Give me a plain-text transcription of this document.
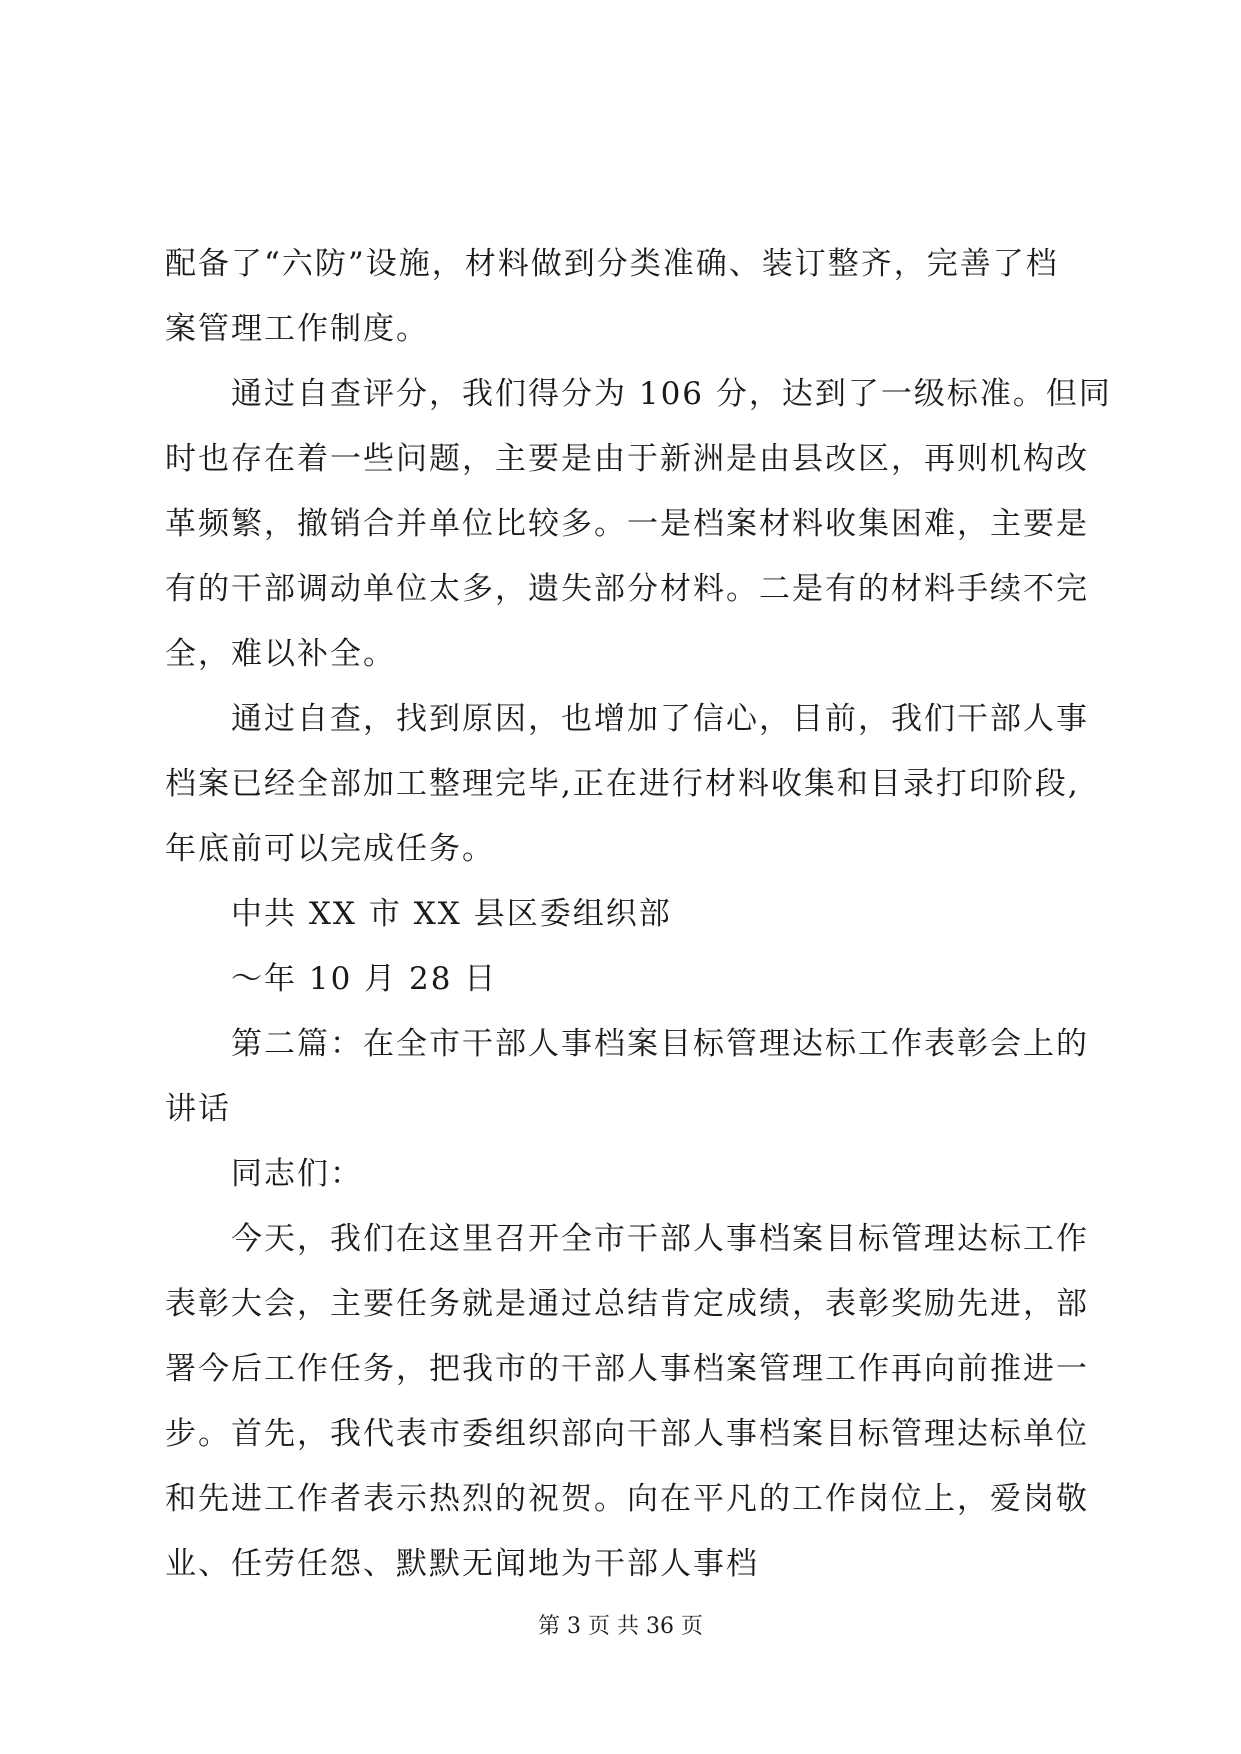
配备了“六防”设施，材料做到分类准确、装订整齐，完善了档
案管理工作制度。
通过自查评分，我们得分为 106 分，达到了一级标准。但同
时也存在着一些问题，主要是由于新洲是由县改区，再则机构改
革频繁，撤销合并单位比较多。一是档案材料收集困难，主要是
有的干部调动单位太多，遗失部分材料。二是有的材料手续不完
全，难以补全。
通过自查，找到原因，也增加了信心，目前，我们干部人事
档案已经全部加工整理完毕,正在进行材料收集和目录打印阶段,
年底前可以完成任务。
中共 XX 市 XX 县区委组织部
～年 10 月 28 日
第二篇：在全市干部人事档案目标管理达标工作表彰会上的
讲话
同志们：
今天，我们在这里召开全市干部人事档案目标管理达标工作
表彰大会，主要任务就是通过总结肯定成绩，表彰奖励先进，部
署今后工作任务，把我市的干部人事档案管理工作再向前推进一
步。首先，我代表市委组织部向干部人事档案目标管理达标单位
和先进工作者表示热烈的祝贺。向在平凡的工作岗位上，爱岗敬
业、任劳任怨、默默无闻地为干部人事档
第 3 页 共 36 页
